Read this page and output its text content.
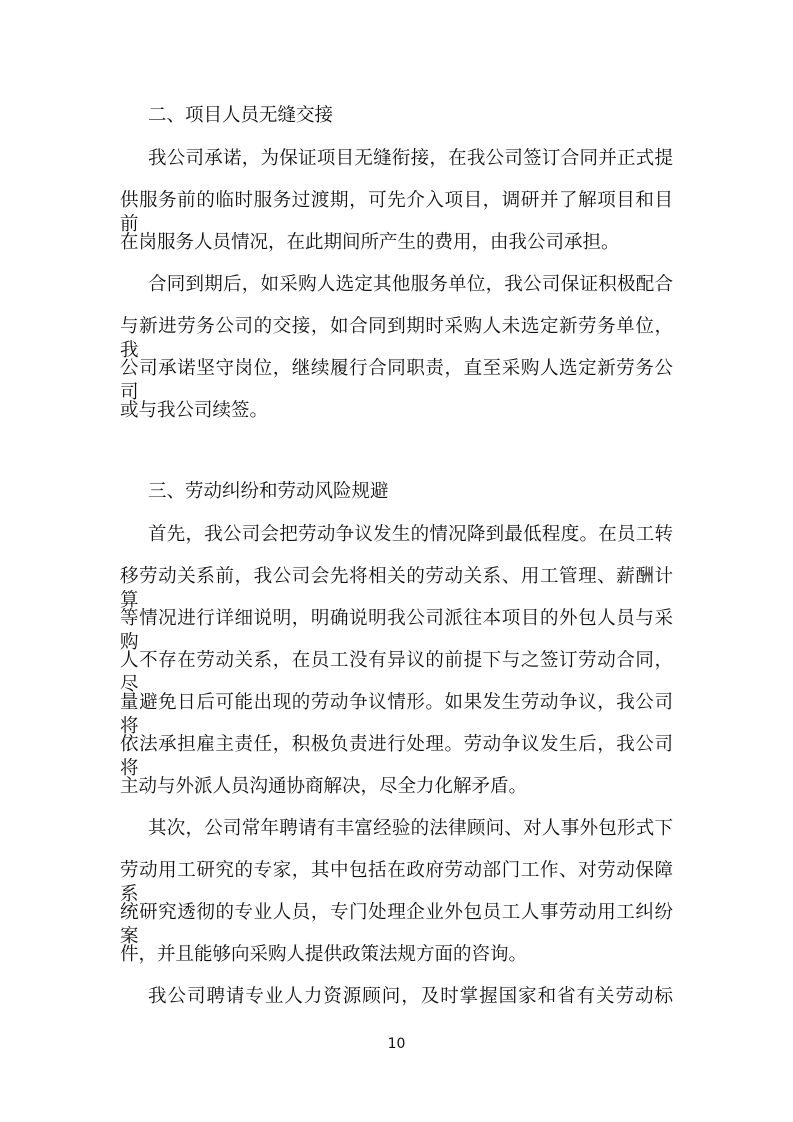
二、项目人员无缝交接
我公司承诺，为保证项目无缝衔接，在我公司签订合同并正式提
供服务前的临时服务过渡期，可先介入项目，调研并了解项目和目前
在岗服务人员情况，在此期间所产生的费用，由我公司承担。
合同到期后，如采购人选定其他服务单位，我公司保证积极配合
与新进劳务公司的交接，如合同到期时采购人未选定新劳务单位，我
公司承诺坚守岗位，继续履行合同职责，直至采购人选定新劳务公司
或与我公司续签。
三、劳动纠纷和劳动风险规避
首先，我公司会把劳动争议发生的情况降到最低程度。在员工转
移劳动关系前，我公司会先将相关的劳动关系、用工管理、薪酬计算
等情况进行详细说明，明确说明我公司派往本项目的外包人员与采购
人不存在劳动关系，在员工没有异议的前提下与之签订劳动合同，尽
量避免日后可能出现的劳动争议情形。如果发生劳动争议，我公司将
依法承担雇主责任，积极负责进行处理。劳动争议发生后，我公司将
主动与外派人员沟通协商解决，尽全力化解矛盾。
其次，公司常年聘请有丰富经验的法律顾问、对人事外包形式下
劳动用工研究的专家，其中包括在政府劳动部门工作、对劳动保障系
统研究透彻的专业人员，专门处理企业外包员工人事劳动用工纠纷案
件，并且能够向采购人提供政策法规方面的咨询。
我公司聘请专业人力资源顾问，及时掌握国家和省有关劳动标
10
